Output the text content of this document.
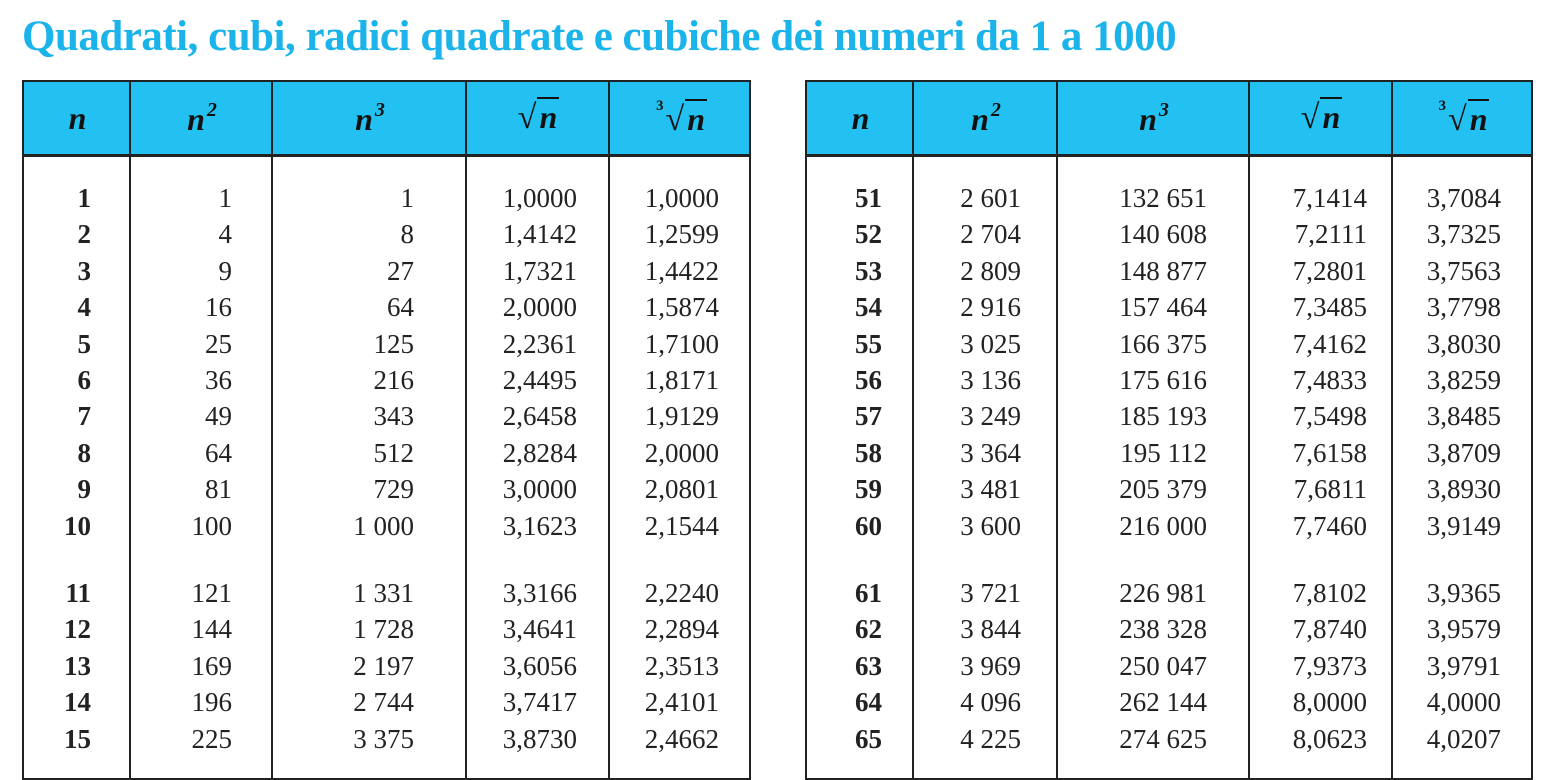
Quadrati, cubi, radici quadrate e cubiche dei numeri da 1 a 1000
n	n $^2$	n $^3$	√n	$^3$√n
1	1	1	1,0000	1,0000
2	4	8	1,4142	1,2599
3	9	27	1,7321	1,4422
4	16	64	2,0000	1,5874
5	25	125	2,2361	1,7100
6	36	216	2,4495	1,8171
7	49	343	2,6458	1,9129
8	64	512	2,8284	2,0000
9	81	729	3,0000	2,0801
10	100	1 000	3,1623	2,1544
11	121	1 331	3,3166	2,2240
12	144	1 728	3,4641	2,2894
13	169	2 197	3,6056	2,3513
14	196	2 744	3,7417	2,4101
15	225	3 375	3,8730	2,4662
n	n $^2$	n $^3$	√n	$^3$√n
51	2 601	132 651	7,1414 3,7084
52	2 704	140 608	7,2111 3,7325
53	2 809	148 877	7,2801 3,7563
54	2 916	157 464	7,3485 3,7798
55	3 025	166 375	7,4162 3,8030
56	3 136	175 616	7,4833 3,8259
57	3 249	185 193	7,5498 3,8485
58	3 364	195 112	7,6158 3,8709
59	3 481	205 379	7,6811 3,8930
60	3 600	216 000	7,7460 3,9149
61	3 721	226 981	7,8102 3,9365
62	3 844	238 328	7,8740 3,9579
63	3 969	250 047	7,9373 3,9791
64	4 096	262 144	8,0000 4,0000
65	4 225	274 625	8,0623 4,0207
